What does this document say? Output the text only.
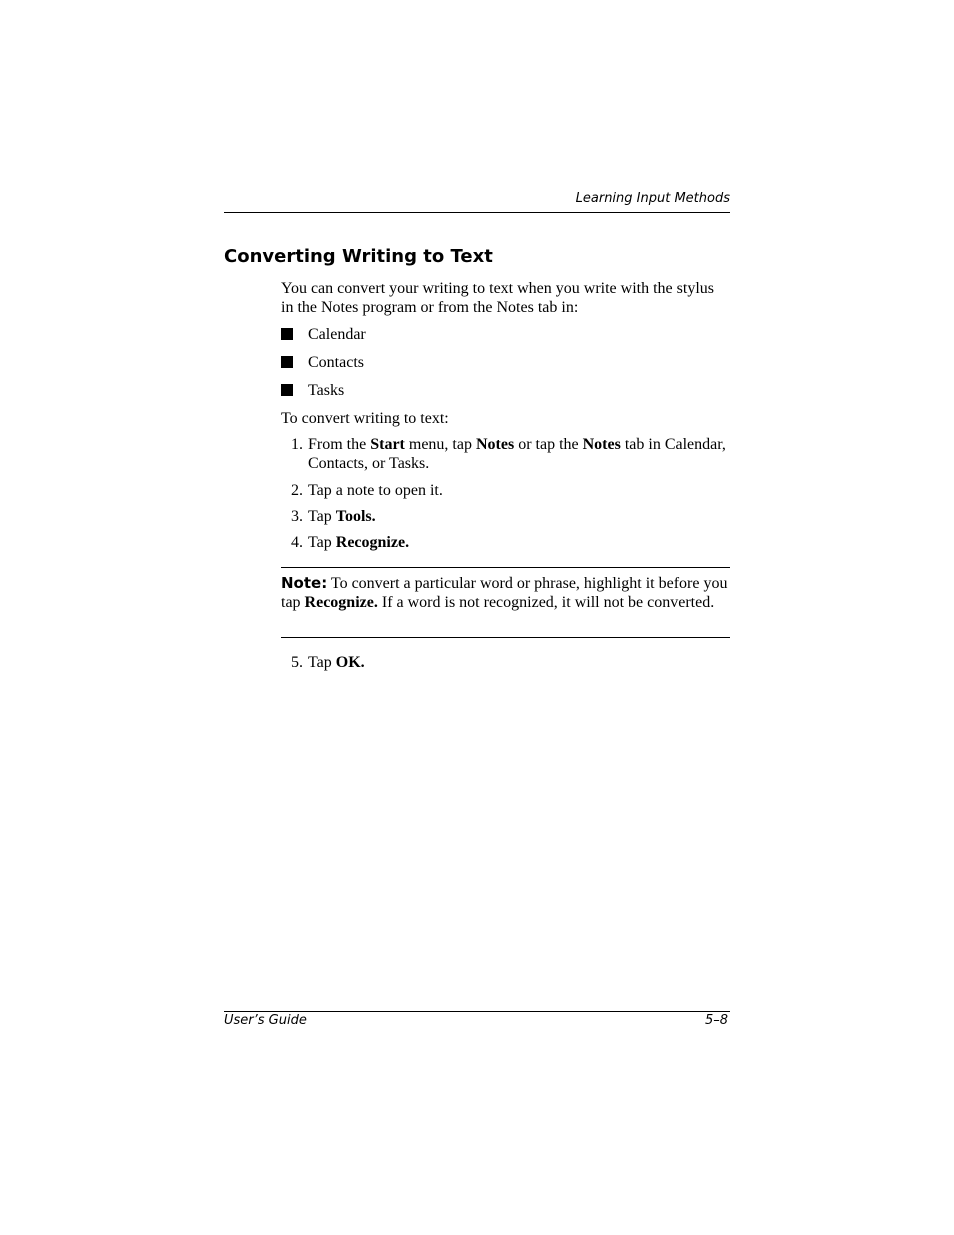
Learning Input Methods
Converting Writing to Text
You can convert your writing to text when you write with the stylus in the Notes program or from the Notes tab in:
Calendar
Contacts
Tasks
To convert writing to text:
1. From the Start menu, tap Notes or tap the Notes tab in Calendar, Contacts, or Tasks.
2. Tap a note to open it.
3. Tap Tools.
4. Tap Recognize.
Note: To convert a particular word or phrase, highlight it before you tap Recognize. If a word is not recognized, it will not be converted.
5. Tap OK.
User’s Guide	5–8
